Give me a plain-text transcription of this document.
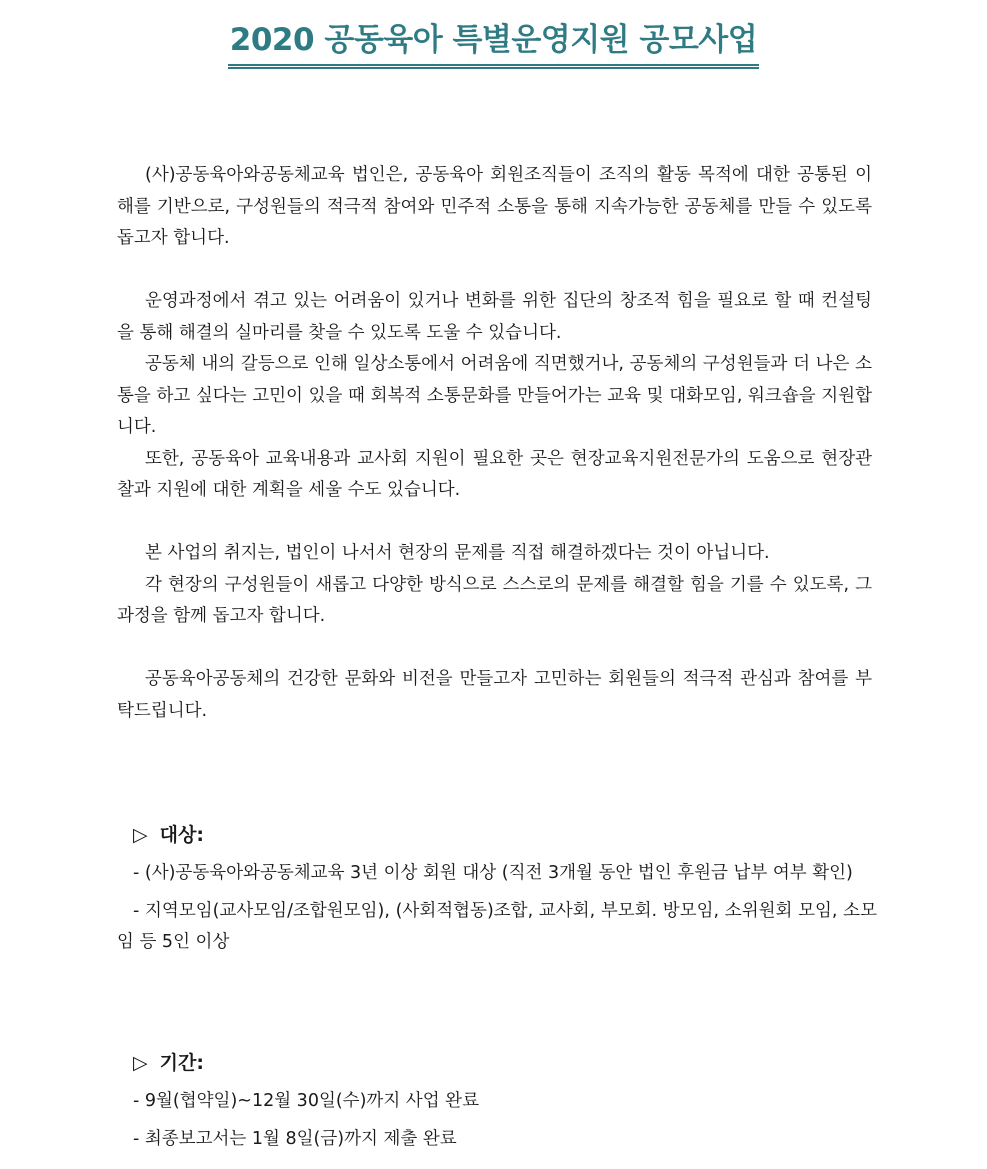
2020 공동육아 특별운영지원 공모사업

(사)공동육아와공동체교육 법인은, 공동육아 회원조직들이 조직의 활동 목적에 대한 공통된 이해를 기반으로, 구성원들의 적극적 참여와 민주적 소통을 통해 지속가능한 공동체를 만들 수 있도록 돕고자 합니다.

운영과정에서 겪고 있는 어려움이 있거나 변화를 위한 집단의 창조적 힘을 필요로 할 때 컨설팅을 통해 해결의 실마리를 찾을 수 있도록 도울 수 있습니다.

공동체 내의 갈등으로 인해 일상소통에서 어려움에 직면했거나, 공동체의 구성원들과 더 나은 소통을 하고 싶다는 고민이 있을 때 회복적 소통문화를 만들어가는 교육 및 대화모임, 워크숍을 지원합니다.

또한, 공동육아 교육내용과 교사회 지원이 필요한 곳은 현장교육지원전문가의 도움으로 현장관찰과 지원에 대한 계획을 세울 수도 있습니다.

본 사업의 취지는, 법인이 나서서 현장의 문제를 직접 해결하겠다는 것이 아닙니다.

각 현장의 구성원들이 새롭고 다양한 방식으로 스스로의 문제를 해결할 힘을 기를 수 있도록, 그 과정을 함께 돕고자 합니다.

공동육아공동체의 건강한 문화와 비전을 만들고자 고민하는 회원들의 적극적 관심과 참여를 부탁드립니다.

▷ 대상:

- (사)공동육아와공동체교육 3년 이상 회원 대상 (직전 3개월 동안 법인 후원금 납부 여부 확인)

- 지역모임(교사모임/조합원모임), (사회적협동)조합, 교사회, 부모회. 방모임, 소위원회 모임, 소모임 등 5인 이상

▷ 기간:

- 9월(협약일)~12월 30일(수)까지 사업 완료

- 최종보고서는 1월 8일(금)까지 제출 완료
